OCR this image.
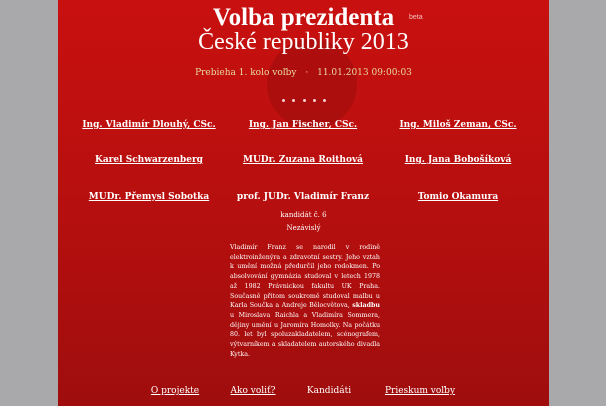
Volba prezidenta	beta
České republiky 2013
Prebieha 1. kolo voľby · 11.01.2013 09:00:03
Ing. Vladimír Dlouhý, CSc.	Ing. Jan Fischer, CSc.	Ing. Miloš Zeman, CSc.
Karel Schwarzenberg	MUDr. Zuzana Roithová	Ing. Jana Bobošíková
MUDr. Přemysl Sobotka	prof. JUDr. Vladimír Franz	Tomio Okamura
kandidát č. 6
Nezávislý
Vladimír Franz se narodil v rodině elektroinženýra a zdravotní sestry. Jeho vztah k umění možná předurčil jeho rodokmen. Po absolvování gymnázia studoval v letech 1978 až 1982 Právnickou fakultu UK Praha. Současně přitom soukromě studoval malbu u Karla Součka a Andreje Bělocvětova, skladbu u Miroslava Raichla a Vladimíra Sommera, dějiny umění u Jaromíra Homolky. Na počátku 80. let byl spoluzakladatelem, scénografem, výtvarníkem a skladatelem autorského divadla Kytka.
O projekte	Ako voliť?	Kandidáti	Prieskum voľby
